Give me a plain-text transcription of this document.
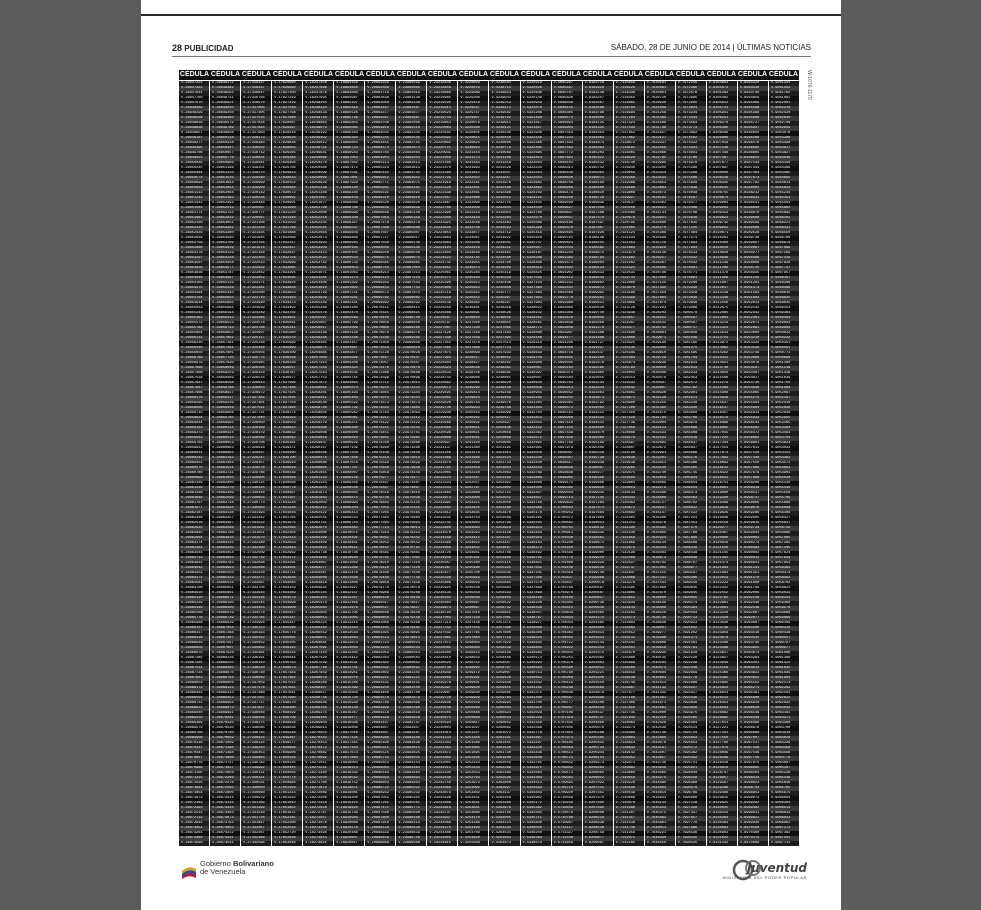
28 PUBLICIDAD	SÁBADO, 28 DE JUNIO DE 2014 | ÚLTIMAS NOTICIAS
CÉDULA CÉDULA CÉDULA CÉDULA CÉDULA CÉDULA CÉDULA CÉDULA CÉDULA CÉDULA CÉDULA CÉDULA CÉDULA CÉDULA CÉDULA CÉDULA CÉDULA CÉDULA CÉDULA CÉDULA
V-26847221
V-26847431
V-26847641
V-26847760
V-26847970
V-26848089
V-26848299
V-26848509
V-26848628
V-26848838
V-26848957
V-26849167
V-26849377
V-26849496
V-26849706
V-26849825
V-26850035
V-26850245
V-26850364
V-26850574
V-26850693
V-26850903
V-26851113
V-26851232
V-26851442
V-26851561
V-26851771
V-26851981
V-26852100
V-26852310
V-26852429
V-26852639
V-26852758
V-26852968
V-26853178
V-26853297
V-26853507
V-26853626
V-26853836
V-26854046
V-26854165
V-26854375
V-26854494
V-26854704
V-26854914
V-26855033
V-26855243
V-26855362
V-26855572
V-26855782
V-26855901
V-26856111
V-26856230
V-26856440
V-26856650
V-26856769
V-26856979
V-26857098
V-26857308
V-26857518
V-26857637
V-26857847
V-26857966
V-26858176
V-26858295
V-26858505
V-26858715
V-26858834
V-26859044
V-26859163
V-26859373
V-26859583
V-26859702
V-26859912
V-26860031
V-26860241
V-26860451
V-26860570
V-26860780
V-26860899
V-26861109
V-26861319
V-26861438
V-26861648
V-26861767
V-26861977
V-26862187
V-26862306
V-26862516
V-26862635
V-26862845
V-26862964
V-26863174
V-26863384
V-26863503
V-26863713
V-26863832
V-26864042
V-26864252
V-26864371
V-26864581
V-26864700
V-26864910
V-26865120
V-26865239
V-26865449
V-26865568
V-26865778
V-26865988
V-26866107
V-26866317
V-26866436
V-26866646
V-26866856
V-26866975
V-26867185
V-26867304
V-26867514
V-26867724
V-26867843
V-26868053
V-26868172
V-26868382
V-26868501
V-26868711
V-26868921
V-26869040
V-26869250
V-26869369
V-26869579
V-26869789
V-26869908
V-26870118
V-26870237
V-26870447
V-26870657
V-26870776
V-26870986
V-26871105
V-26871315
V-26871525
V-26871644
V-26871854
V-26871973
V-26872183
V-26872393
V-26872512
V-26872722
V-26872841
V-26873051
V-26873261
V-26873380
V-26873590
V-26848172
V-26848382
V-26848592
V-26848711
V-26848921
V-26849040
V-26849250
V-26849460
V-26849579
V-26849789
V-26849908
V-26850118
V-26850328
V-26850447
V-26850657
V-26850776
V-26850986
V-26851196
V-26851315
V-26851525
V-26851644
V-26851854
V-26852064
V-26852183
V-26852393
V-26852512
V-26852722
V-26852932
V-26853051
V-26853261
V-26853380
V-26853590
V-26853709
V-26853919
V-26854129
V-26854248
V-26854458
V-26854577
V-26854787
V-26854997
V-26855116
V-26855326
V-26855445
V-26855655
V-26855865
V-26855984
V-26856194
V-26856313
V-26856523
V-26856733
V-26856852
V-26857062
V-26857181
V-26857391
V-26857601
V-26857720
V-26857930
V-26858049
V-26858259
V-26858469
V-26858588
V-26858798
V-26858917
V-26859127
V-26859246
V-26859456
V-26859666
V-26859785
V-26859995
V-26860114
V-26860324
V-26860534
V-26860653
V-26860863
V-26860982
V-26861192
V-26861402
V-26861521
V-26861731
V-26861850
V-26862060
V-26862270
V-26862389
V-26862599
V-26862718
V-26862928
V-26863138
V-26863257
V-26863467
V-26863586
V-26863796
V-26863915
V-26864125
V-26864335
V-26864454
V-26864664
V-26864783
V-26864993
V-26865203
V-26865322
V-26865532
V-26865651
V-26865861
V-26866071
V-26866190
V-26866400
V-26866519
V-26866729
V-26866939
V-26867058
V-26867268
V-26867387
V-26867597
V-26867807
V-26867926
V-26868136
V-26868255
V-26868465
V-26868675
V-26868794
V-26869004
V-26869123
V-26869333
V-26869452
V-26869662
V-26869872
V-26869991
V-26870201
V-26870320
V-26870530
V-26870740
V-26870859
V-26871069
V-26871188
V-26871398
V-26871608
V-26871727
V-26871937
V-26872056
V-26872266
V-26872476
V-26872595
V-26872805
V-26872924
V-26873134
V-26873344
V-26873463
V-26873673
V-26873792
V-26874002
V-26874212
V-26874331
V-26874541
V-27316227
V-27316437
V-27316647
V-27316766
V-27316976
V-27317095
V-27317305
V-27317515
V-27317634
V-27317844
V-27317963
V-27318173
V-27318383
V-27318502
V-27318712
V-27318831
V-27319041
V-27319251
V-27319370
V-27319580
V-27319699
V-27319909
V-27320119
V-27320238
V-27320448
V-27320567
V-27320777
V-27320987
V-27321106
V-27321316
V-27321435
V-27321645
V-27321764
V-27321974
V-27322184
V-27322303
V-27322513
V-27322632
V-27322842
V-27323052
V-27323171
V-27323381
V-27323500
V-27323710
V-27323920
V-27324039
V-27324249
V-27324368
V-27324578
V-27324788
V-27324907
V-27325117
V-27325236
V-27325446
V-27325656
V-27325775
V-27325985
V-27326104
V-27326314
V-27326524
V-27326643
V-27326853
V-27326972
V-27327182
V-27327301
V-27327511
V-27327721
V-27327840
V-27328050
V-27328169
V-27328379
V-27328589
V-27328708
V-27328918
V-27329037
V-27329247
V-27329457
V-27329576
V-27329786
V-27329905
V-27330115
V-27330325
V-27330444
V-27330654
V-27330773
V-27330983
V-27331193
V-27331312
V-27331522
V-27331641
V-27331851
V-27331970
V-27332180
V-27332390
V-27332509
V-27332719
V-27332838
V-27333048
V-27333258
V-27333377
V-27333587
V-27333706
V-27333916
V-27334126
V-27334245
V-27334455
V-27334574
V-27334784
V-27334994
V-27335113
V-27335323
V-27335442
V-27335652
V-27335862
V-27335981
V-27336191
V-27336310
V-27336520
V-27336730
V-27336849
V-27337059
V-27337178
V-27337388
V-27337507
V-27337717
V-27337927
V-27338046
V-27338256
V-27338375
V-27338585
V-27338795
V-27338914
V-27339124
V-27339243
V-27339453
V-27339663
V-27339782
V-27339992
V-27340111
V-27340321
V-27340531
V-27340650
V-27340860
V-27340979
V-27341189
V-27341399
V-27341518
V-27341728
V-27341847
V-27342057
V-27342267
V-27342386
V-27342596
V-17626680
V-17626890
V-17627100
V-17627219
V-17627429
V-17627548
V-17627758
V-17627968
V-17628087
V-17628297
V-17628416
V-17628626
V-17628836
V-17628955
V-17629165
V-17629284
V-17629494
V-17629704
V-17629823
V-17630033
V-17630152
V-17630362
V-17630572
V-17630691
V-17630901
V-17631020
V-17631230
V-17631440
V-17631559
V-17631769
V-17631888
V-17632098
V-17632217
V-17632427
V-17632637
V-17632756
V-17632966
V-17633085
V-17633295
V-17633505
V-17633624
V-17633834
V-17633953
V-17634163
V-17634373
V-17634492
V-17634702
V-17634821
V-17635031
V-17635241
V-17635360
V-17635570
V-17635689
V-17635899
V-17636109
V-17636228
V-17636438
V-17636557
V-17636767
V-17636977
V-17637096
V-17637306
V-17637425
V-17637635
V-17637754
V-17637964
V-17638174
V-17638293
V-17638503
V-17638622
V-17638832
V-17639042
V-17639161
V-17639371
V-17639490
V-17639700
V-17639910
V-17640029
V-17640239
V-17640358
V-17640568
V-17640778
V-17640897
V-17641107
V-17641226
V-17641436
V-17641646
V-17641765
V-17641975
V-17642094
V-17642304
V-17642423
V-17642633
V-17642843
V-17642962
V-17643172
V-17643291
V-17643501
V-17643711
V-17643830
V-17644040
V-17644159
V-17644369
V-17644579
V-17644698
V-17644908
V-17645027
V-17645237
V-17645447
V-17645566
V-17645776
V-17645895
V-17646105
V-17646315
V-17646434
V-17646644
V-17646763
V-17646973
V-17647183
V-17647302
V-17647512
V-17647631
V-17647841
V-17647960
V-17648170
V-17648380
V-17648499
V-17648709
V-17648828
V-17649038
V-17649248
V-17649367
V-17649577
V-17649696
V-17649906
V-17650116
V-17650235
V-17650445
V-17650564
V-17650774
V-17650984
V-17651103
V-17651313
V-17651432
V-17651642
V-17651852
V-17651971
V-17652181
V-17652300
V-17652510
V-17652720
V-17652839
V-17653049
V-18247456
V-18247666
V-18247876
V-18247995
V-18248205
V-18248324
V-18248534
V-18248744
V-18248863
V-18249073
V-18249192
V-18249402
V-18249612
V-18249731
V-18249941
V-18250060
V-18250270
V-18250480
V-18250599
V-18250809
V-18250928
V-18251138
V-18251348
V-18251467
V-18251677
V-18251796
V-18252006
V-18252216
V-18252335
V-18252545
V-18252664
V-18252874
V-18252993
V-18253203
V-18253413
V-18253532
V-18253742
V-18253861
V-18254071
V-18254281
V-18254400
V-18254610
V-18254729
V-18254939
V-18255149
V-18255268
V-18255478
V-18255597
V-18255807
V-18256017
V-18256136
V-18256346
V-18256465
V-18256675
V-18256885
V-18257004
V-18257214
V-18257333
V-18257543
V-18257753
V-18257872
V-18258082
V-18258201
V-18258411
V-18258530
V-18258740
V-18258950
V-18259069
V-18259279
V-18259398
V-18259608
V-18259818
V-18259937
V-18260147
V-18260266
V-18260476
V-18260686
V-18260805
V-18261015
V-18261134
V-18261344
V-18261554
V-18261673
V-18261883
V-18262002
V-18262212
V-18262422
V-18262541
V-18262751
V-18262870
V-18263080
V-18263199
V-18263409
V-18263619
V-18263738
V-18263948
V-18264067
V-18264277
V-18264487
V-18264606
V-18264816
V-18264935
V-18265145
V-18265355
V-18265474
V-18265684
V-18265803
V-18266013
V-18266223
V-18266342
V-18266552
V-18266671
V-18266881
V-18267091
V-18267210
V-18267420
V-18267539
V-18267749
V-18267959
V-18268078
V-18268288
V-18268407
V-18268617
V-18268736
V-18268946
V-18269156
V-18269275
V-18269485
V-18269604
V-18269814
V-18270024
V-18270143
V-18270353
V-18270472
V-18270682
V-18270892
V-18271011
V-18271221
V-18271340
V-18271550
V-18271760
V-18271879
V-18272089
V-18272208
V-18272418
V-18272628
V-18272747
V-18272957
V-18273076
V-18273286
V-18273496
V-18273615
V-18273825
V-18894448
V-18894658
V-18894868
V-18894987
V-18895197
V-18895316
V-18895526
V-18895736
V-18895855
V-18896065
V-18896184
V-18896394
V-18896604
V-18896723
V-18896933
V-18897052
V-18897262
V-18897472
V-18897591
V-18897801
V-18897920
V-18898130
V-18898340
V-18898459
V-18898669
V-18898788
V-18898998
V-18899208
V-18899327
V-18899537
V-18899656
V-18899866
V-18899985
V-18900195
V-18900405
V-18900524
V-18900734
V-18900853
V-18901063
V-18901273
V-18901392
V-18901602
V-18901721
V-18901931
V-18902141
V-18902260
V-18902470
V-18902589
V-18902799
V-18903009
V-18903128
V-18903338
V-18903457
V-18903667
V-18903877
V-18903996
V-18904206
V-18904325
V-18904535
V-18904745
V-18904864
V-18905074
V-18905193
V-18905403
V-18905522
V-18905732
V-18905942
V-18906061
V-18906271
V-18906390
V-18906600
V-18906810
V-18906929
V-18907139
V-18907258
V-18907468
V-18907678
V-18907797
V-18908007
V-18908126
V-18908336
V-18908546
V-18908665
V-18908875
V-18908994
V-18909204
V-18909414
V-18909533
V-18909743
V-18909862
V-18910072
V-18910191
V-18910401
V-18910611
V-18910730
V-18910940
V-18911059
V-18911269
V-18911479
V-18911598
V-18911808
V-18911927
V-18912137
V-18912347
V-18912466
V-18912676
V-18912795
V-18913005
V-18913215
V-18913334
V-18913544
V-18913663
V-18913873
V-18914083
V-18914202
V-18914412
V-18914531
V-18914741
V-18914951
V-18915070
V-18915280
V-18915399
V-18915609
V-18915728
V-18915938
V-18916148
V-18916267
V-18916477
V-18916596
V-18916806
V-18917016
V-18917135
V-18917345
V-18917464
V-18917674
V-18917884
V-18918003
V-18918213
V-18918332
V-18918542
V-18918752
V-18918871
V-18919081
V-18919200
V-18919410
V-18919620
V-18919739
V-18919949
V-18920068
V-18920278
V-18920488
V-18920607
V-18920817
V-20862299
V-20862509
V-20862719
V-20862838
V-20863048
V-20863167
V-20863377
V-20863587
V-20863706
V-20863916
V-20864035
V-20864245
V-20864455
V-20864574
V-20864784
V-20864903
V-20865113
V-20865323
V-20865442
V-20865652
V-20865771
V-20865981
V-20866191
V-20866310
V-20866520
V-20866639
V-20866849
V-20867059
V-20867178
V-20867388
V-20867507
V-20867717
V-20867836
V-20868046
V-20868256
V-20868375
V-20868585
V-20868704
V-20868914
V-20869124
V-20869243
V-20869453
V-20869572
V-20869782
V-20869992
V-20870111
V-20870321
V-20870440
V-20870650
V-20870860
V-20870979
V-20871189
V-20871308
V-20871518
V-20871728
V-20871847
V-20872057
V-20872176
V-20872386
V-20872596
V-20872715
V-20872925
V-20873044
V-20873254
V-20873373
V-20873583
V-20873793
V-20873912
V-20874122
V-20874241
V-20874451
V-20874661
V-20874780
V-20874990
V-20875109
V-20875319
V-20875529
V-20875648
V-20875858
V-20875977
V-20876187
V-20876397
V-20876516
V-20876726
V-20876845
V-20877055
V-20877265
V-20877384
V-20877594
V-20877713
V-20877923
V-20878042
V-20878252
V-20878462
V-20878581
V-20878791
V-20878910
V-20879120
V-20879330
V-20879449
V-20879659
V-20879778
V-20879988
V-20880198
V-20880317
V-20880527
V-20880646
V-20880856
V-20881066
V-20881185
V-20881395
V-20881514
V-20881724
V-20881934
V-20882053
V-20882263
V-20882382
V-20882592
V-20882802
V-20882921
V-20883131
V-20883250
V-20883460
V-20883579
V-20883789
V-20883999
V-20884118
V-20884328
V-20884447
V-20884657
V-20884867
V-20884986
V-20885196
V-20885315
V-20885525
V-20885735
V-20885854
V-20886064
V-20886183
V-20886393
V-20886603
V-20886722
V-20886932
V-20887051
V-20887261
V-20887471
V-20887590
V-20887800
V-20887919
V-20888129
V-20888339
V-20888458
V-20888668
V-23960599
V-23960809
V-23961019
V-23961138
V-23961348
V-23961467
V-23961677
V-23961887
V-23962006
V-23962216
V-23962335
V-23962545
V-23962755
V-23962874
V-23963084
V-23963203
V-23963413
V-23963623
V-23963742
V-23963952
V-23964071
V-23964281
V-23964491
V-23964610
V-23964820
V-23964939
V-23965149
V-23965359
V-23965478
V-23965688
V-23965807
V-23966017
V-23966136
V-23966346
V-23966556
V-23966675
V-23966885
V-23967004
V-23967214
V-23967424
V-23967543
V-23967753
V-23967872
V-23968082
V-23968292
V-23968411
V-23968621
V-23968740
V-23968950
V-23969160
V-23969279
V-23969489
V-23969608
V-23969818
V-23970028
V-23970147
V-23970357
V-23970476
V-23970686
V-23970896
V-23971015
V-23971225
V-23971344
V-23971554
V-23971673
V-23971883
V-23972093
V-23972212
V-23972422
V-23972541
V-23972751
V-23972961
V-23973080
V-23973290
V-23973409
V-23973619
V-23973829
V-23973948
V-23974158
V-23974277
V-23974487
V-23974697
V-23974816
V-23975026
V-23975145
V-23975355
V-23975565
V-23975684
V-23975894
V-23976013
V-23976223
V-23976342
V-23976552
V-23976762
V-23976881
V-23977091
V-23977210
V-23977420
V-23977630
V-23977749
V-23977959
V-23978078
V-23978288
V-23978498
V-23978617
V-23978827
V-23978946
V-23979156
V-23979366
V-23979485
V-23979695
V-23979814
V-23980024
V-23980234
V-23980353
V-23980563
V-23980682
V-23980892
V-23981102
V-23981221
V-23981431
V-23981550
V-23981760
V-23981879
V-23982089
V-23982299
V-23982418
V-23982628
V-23982747
V-23982957
V-23983167
V-23983286
V-23983496
V-23983615
V-23983825
V-23984035
V-23984154
V-23984364
V-23984483
V-23984693
V-23984903
V-23985022
V-23985232
V-23985351
V-23985561
V-23985771
V-23985890
V-23986100
V-23986219
V-23986429
V-23986639
V-23986758
V-23986968
V-24218446
V-24218656
V-24218866
V-24218985
V-24219195
V-24219314
V-24219524
V-24219734
V-24219853
V-24220063
V-24220182
V-24220392
V-24220602
V-24220721
V-24220931
V-24221050
V-24221260
V-24221470
V-24221589
V-24221799
V-24221918
V-24222128
V-24222338
V-24222457
V-24222667
V-24222786
V-24222996
V-24223206
V-24223325
V-24223535
V-24223654
V-24223864
V-24223983
V-24224193
V-24224403
V-24224522
V-24224732
V-24224851
V-24225061
V-24225271
V-24225390
V-24225600
V-24225719
V-24225929
V-24226139
V-24226258
V-24226468
V-24226587
V-24226797
V-24227007
V-24227126
V-24227336
V-24227455
V-24227665
V-24227875
V-24227994
V-24228204
V-24228323
V-24228533
V-24228743
V-24228862
V-24229072
V-24229191
V-24229401
V-24229520
V-24229730
V-24229940
V-24230059
V-24230269
V-24230388
V-24230598
V-24230808
V-24230927
V-24231137
V-24231256
V-24231466
V-24231676
V-24231795
V-24232005
V-24232124
V-24232334
V-24232544
V-24232663
V-24232873
V-24232992
V-24233202
V-24233412
V-24233531
V-24233741
V-24233860
V-24234070
V-24234189
V-24234399
V-24234609
V-24234728
V-24234938
V-24235057
V-24235267
V-24235477
V-24235596
V-24235806
V-24235925
V-24236135
V-24236345
V-24236464
V-24236674
V-24236793
V-24237003
V-24237213
V-24237332
V-24237542
V-24237661
V-24237871
V-24238081
V-24238200
V-24238410
V-24238529
V-24238739
V-24238949
V-24239068
V-24239278
V-24239397
V-24239607
V-24239726
V-24239936
V-24240146
V-24240265
V-24240475
V-24240594
V-24240804
V-24241014
V-24241133
V-24241343
V-24241462
V-24241672
V-24241882
V-24242001
V-24242211
V-24242330
V-24242540
V-24242750
V-24242869
V-24243079
V-24243198
V-24243408
V-24243618
V-24243737
V-24243947
V-24244066
V-24244276
V-24244486
V-24244605
V-24244815
V-4228669
V-4228879
V-4229089
V-4229208
V-4229418
V-4229537
V-4229747
V-4229957
V-4230076
V-4230286
V-4230405
V-4230615
V-4230825
V-4230944
V-4231154
V-4231273
V-4231483
V-4231693
V-4231812
V-4232022
V-4232141
V-4232351
V-4232561
V-4232680
V-4232890
V-4233009
V-4233219
V-4233429
V-4233548
V-4233758
V-4233877
V-4234087
V-4234206
V-4234416
V-4234626
V-4234745
V-4234955
V-4235074
V-4235284
V-4235494
V-4235613
V-4235823
V-4235942
V-4236152
V-4236362
V-4236481
V-4236691
V-4236810
V-4237020
V-4237230
V-4237349
V-4237559
V-4237678
V-4237888
V-4238098
V-4238217
V-4238427
V-4238546
V-4238756
V-4238966
V-4239085
V-4239295
V-4239414
V-4239624
V-4239743
V-4239953
V-4240163
V-4240282
V-4240492
V-4240611
V-4240821
V-4241031
V-4241150
V-4241360
V-4241479
V-4241689
V-4241899
V-4242018
V-4242228
V-4242347
V-4242557
V-4242767
V-4242886
V-4243096
V-4243215
V-4243425
V-4243635
V-4243754
V-4243964
V-4244083
V-4244293
V-4244412
V-4244622
V-4244832
V-4244951
V-4245161
V-4245280
V-4245490
V-4245700
V-4245819
V-4246029
V-4246148
V-4246358
V-4246568
V-4246687
V-4246897
V-4247016
V-4247226
V-4247436
V-4247555
V-4247765
V-4247884
V-4248094
V-4248304
V-4248423
V-4248633
V-4248752
V-4248962
V-4249172
V-4249291
V-4249501
V-4249620
V-4249830
V-4249949
V-4250159
V-4250369
V-4250488
V-4250698
V-4250817
V-4251027
V-4251237
V-4251356
V-4251566
V-4251685
V-4251895
V-4252105
V-4252224
V-4252434
V-4252553
V-4252763
V-4252973
V-4253092
V-4253302
V-4253421
V-4253631
V-4253841
V-4253960
V-4254170
V-4254289
V-4254499
V-4254709
V-4254828
V-4255038
V-4238504
V-4238714
V-4238924
V-4239043
V-4239253
V-4239372
V-4239582
V-4239792
V-4239911
V-4240121
V-4240240
V-4240450
V-4240660
V-4240779
V-4240989
V-4241108
V-4241318
V-4241528
V-4241647
V-4241857
V-4241976
V-4242186
V-4242396
V-4242515
V-4242725
V-4242844
V-4243054
V-4243264
V-4243383
V-4243593
V-4243712
V-4243922
V-4244041
V-4244251
V-4244461
V-4244580
V-4244790
V-4244909
V-4245119
V-4245329
V-4245448
V-4245658
V-4245777
V-4245987
V-4246197
V-4246316
V-4246526
V-4246645
V-4246855
V-4247065
V-4247184
V-4247394
V-4247513
V-4247723
V-4247933
V-4248052
V-4248262
V-4248381
V-4248591
V-4248801
V-4248920
V-4249130
V-4249249
V-4249459
V-4249578
V-4249788
V-4249998
V-4250117
V-4250327
V-4250446
V-4250656
V-4250866
V-4250985
V-4251195
V-4251314
V-4251524
V-4251734
V-4251853
V-4252063
V-4252182
V-4252392
V-4252602
V-4252721
V-4252931
V-4253050
V-4253260
V-4253470
V-4253589
V-4253799
V-4253918
V-4254128
V-4254247
V-4254457
V-4254667
V-4254786
V-4254996
V-4255115
V-4255325
V-4255535
V-4255654
V-4255864
V-4255983
V-4256193
V-4256403
V-4256522
V-4256732
V-4256851
V-4257061
V-4257271
V-4257390
V-4257600
V-4257719
V-4257929
V-4258139
V-4258258
V-4258468
V-4258587
V-4258797
V-4259007
V-4259126
V-4259336
V-4259455
V-4259665
V-4259784
V-4259994
V-4260204
V-4260323
V-4260533
V-4260652
V-4260862
V-4261072
V-4261191
V-4261401
V-4261520
V-4261730
V-4261940
V-4262059
V-4262269
V-4262388
V-4262598
V-4262808
V-4262927
V-4263137
V-4263256
V-4263466
V-4263676
V-4263795
V-4264005
V-4264124
V-4264334
V-4264544
V-4264663
V-4264873
V-5320210
V-5320420
V-5320630
V-5320749
V-5320959
V-5321078
V-5321288
V-5321498
V-5321617
V-5321827
V-5321946
V-5322156
V-5322366
V-5322485
V-5322695
V-5322814
V-5323024
V-5323234
V-5323353
V-5323563
V-5323682
V-5323892
V-5324102
V-5324221
V-5324431
V-5324550
V-5324760
V-5324970
V-5325089
V-5325299
V-5325418
V-5325628
V-5325747
V-5325957
V-5326167
V-5326286
V-5326496
V-5326615
V-5326825
V-5327035
V-5327154
V-5327364
V-5327483
V-5327693
V-5327903
V-5328022
V-5328232
V-5328351
V-5328561
V-5328771
V-5328890
V-5329100
V-5329219
V-5329429
V-5329639
V-5329758
V-5329968
V-5330087
V-5330297
V-5330507
V-5330626
V-5330836
V-5330955
V-5331165
V-5331284
V-5331494
V-5331704
V-5331823
V-5332033
V-5332152
V-5332362
V-5332572
V-5332691
V-5332901
V-5333020
V-5333230
V-5333440
V-5333559
V-5333769
V-5333888
V-5334098
V-5334308
V-5334427
V-5334637
V-5334756
V-5334966
V-5335176
V-5335295
V-5335505
V-5335624
V-5335834
V-5335953
V-5336163
V-5336373
V-5336492
V-5336702
V-5336821
V-5337031
V-5337241
V-5337360
V-5337570
V-5337689
V-5337899
V-5338109
V-5338228
V-5338438
V-5338557
V-5338767
V-5338977
V-5339096
V-5339306
V-5339425
V-5339635
V-5339845
V-5339964
V-5340174
V-5340293
V-5340503
V-5340713
V-5340832
V-5341042
V-5341161
V-5341371
V-5341490
V-5341700
V-5341910
V-5342029
V-5342239
V-5342358
V-5342568
V-5342778
V-5342897
V-5343107
V-5343226
V-5343436
V-5343646
V-5343765
V-5343975
V-5344094
V-5344304
V-5344514
V-5344633
V-5344843
V-5344962
V-5345172
V-5345382
V-5345501
V-5345711
V-5345830
V-5346040
V-5346250
V-5346369
V-5346579
V-5685287
V-5685497
V-5685707
V-5685826
V-5686036
V-5686155
V-5686365
V-5686575
V-5686694
V-5686904
V-5687023
V-5687233
V-5687443
V-5687562
V-5687772
V-5687891
V-5688101
V-5688311
V-5688430
V-5688640
V-5688759
V-5688969
V-5689179
V-5689298
V-5689508
V-5689627
V-5689837
V-5690047
V-5690166
V-5690376
V-5690495
V-5690705
V-5690824
V-5691034
V-5691244
V-5691363
V-5691573
V-5691692
V-5691902
V-5692112
V-5692231
V-5692441
V-5692560
V-5692770
V-5692980
V-5693099
V-5693309
V-5693428
V-5693638
V-5693848
V-5693967
V-5694177
V-5694296
V-5694506
V-5694716
V-5694835
V-5695045
V-5695164
V-5695374
V-5695584
V-5695703
V-5695913
V-5696032
V-5696242
V-5696361
V-5696571
V-5696781
V-5696900
V-5697110
V-5697229
V-5697439
V-5697649
V-5697768
V-5697978
V-5698097
V-5698307
V-5698517
V-5698636
V-5698846
V-5698965
V-5699175
V-5699385
V-5699504
V-5699714
V-5699833
V-5700043
V-5700253
V-5700372
V-5700582
V-5700701
V-5700911
V-5701030
V-5701240
V-5701450
V-5701569
V-5701779
V-5701898
V-5702108
V-5702318
V-5702437
V-5702647
V-5702766
V-5702976
V-5703186
V-5703305
V-5703515
V-5703634
V-5703844
V-5704054
V-5704173
V-5704383
V-5704502
V-5704712
V-5704922
V-5705041
V-5705251
V-5705370
V-5705580
V-5705790
V-5705909
V-5706119
V-5706238
V-5706448
V-5706567
V-5706777
V-5706987
V-5707106
V-5707316
V-5707435
V-5707645
V-5707855
V-5707974
V-5708184
V-5708303
V-5708513
V-5708723
V-5708842
V-5709052
V-5709171
V-5709381
V-5709591
V-5709710
V-5709920
V-5710039
V-5710249
V-5710459
V-5710578
V-5710788
V-5710907
V-5711117
V-5711327
V-5711446
V-5711656
V-6182718
V-6182928
V-6183138
V-6183257
V-6183467
V-6183586
V-6183796
V-6184006
V-6184125
V-6184335
V-6184454
V-6184664
V-6184874
V-6184993
V-6185203
V-6185322
V-6185532
V-6185742
V-6185861
V-6186071
V-6186190
V-6186400
V-6186610
V-6186729
V-6186939
V-6187058
V-6187268
V-6187478
V-6187597
V-6187807
V-6187926
V-6188136
V-6188255
V-6188465
V-6188675
V-6188794
V-6189004
V-6189123
V-6189333
V-6189543
V-6189662
V-6189872
V-6189991
V-6190201
V-6190411
V-6190530
V-6190740
V-6190859
V-6191069
V-6191279
V-6191398
V-6191608
V-6191727
V-6191937
V-6192147
V-6192266
V-6192476
V-6192595
V-6192805
V-6193015
V-6193134
V-6193344
V-6193463
V-6193673
V-6193792
V-6194002
V-6194212
V-6194331
V-6194541
V-6194660
V-6194870
V-6195080
V-6195199
V-6195409
V-6195528
V-6195738
V-6195948
V-6196067
V-6196277
V-6196396
V-6196606
V-6196816
V-6196935
V-6197145
V-6197264
V-6197474
V-6197684
V-6197803
V-6198013
V-6198132
V-6198342
V-6198461
V-6198671
V-6198881
V-6199000
V-6199210
V-6199329
V-6199539
V-6199749
V-6199868
V-6200078
V-6200197
V-6200407
V-6200617
V-6200736
V-6200946
V-6201065
V-6201275
V-6201485
V-6201604
V-6201814
V-6201933
V-6202143
V-6202353
V-6202472
V-6202682
V-6202801
V-6203011
V-6203221
V-6203340
V-6203550
V-6203669
V-6203879
V-6203998
V-6204208
V-6204418
V-6204537
V-6204747
V-6204866
V-6205076
V-6205286
V-6205405
V-6205615
V-6205734
V-6205944
V-6206154
V-6206273
V-6206483
V-6206602
V-6206812
V-6207022
V-6207141
V-6207351
V-6207470
V-6207680
V-6207890
V-6208009
V-6208219
V-6208338
V-6208548
V-6208758
V-6208877
V-6209087
V-7115916
V-7116126
V-7116336
V-7116455
V-7116665
V-7116784
V-7116994
V-7117204
V-7117323
V-7117533
V-7117652
V-7117862
V-7118072
V-7118191
V-7118401
V-7118520
V-7118730
V-7118940
V-7119059
V-7119269
V-7119388
V-7119598
V-7119808
V-7119927
V-7120137
V-7120256
V-7120466
V-7120676
V-7120795
V-7121005
V-7121124
V-7121334
V-7121453
V-7121663
V-7121873
V-7121992
V-7122202
V-7122321
V-7122531
V-7122741
V-7122860
V-7123070
V-7123189
V-7123399
V-7123609
V-7123728
V-7123938
V-7124057
V-7124267
V-7124477
V-7124596
V-7124806
V-7124925
V-7125135
V-7125345
V-7125464
V-7125674
V-7125793
V-7126003
V-7126213
V-7126332
V-7126542
V-7126661
V-7126871
V-7126990
V-7127200
V-7127410
V-7127529
V-7127739
V-7127858
V-7128068
V-7128278
V-7128397
V-7128607
V-7128726
V-7128936
V-7129146
V-7129265
V-7129475
V-7129594
V-7129804
V-7130014
V-7130133
V-7130343
V-7130462
V-7130672
V-7130882
V-7131001
V-7131211
V-7131330
V-7131540
V-7131659
V-7131869
V-7132079
V-7132198
V-7132408
V-7132527
V-7132737
V-7132947
V-7133066
V-7133276
V-7133395
V-7133605
V-7133815
V-7133934
V-7134144
V-7134263
V-7134473
V-7134683
V-7134802
V-7135012
V-7135131
V-7135341
V-7135551
V-7135670
V-7135880
V-7135999
V-7136209
V-7136419
V-7136538
V-7136748
V-7136867
V-7137077
V-7137196
V-7137406
V-7137616
V-7137735
V-7137945
V-7138064
V-7138274
V-7138484
V-7138603
V-7138813
V-7138932
V-7139142
V-7139352
V-7139471
V-7139681
V-7139800
V-7140010
V-7140220
V-7140339
V-7140549
V-7140668
V-7140878
V-7141088
V-7141207
V-7141417
V-7141536
V-7141746
V-7141956
V-7142075
V-7142285
V-7620181
V-7620391
V-7620601
V-7620720
V-7620930
V-7621049
V-7621259
V-7621469
V-7621588
V-7621798
V-7621917
V-7622127
V-7622337
V-7622456
V-7622666
V-7622785
V-7622995
V-7623205
V-7623324
V-7623534
V-7623653
V-7623863
V-7624073
V-7624192
V-7624402
V-7624521
V-7624731
V-7624941
V-7625060
V-7625270
V-7625389
V-7625599
V-7625718
V-7625928
V-7626138
V-7626257
V-7626467
V-7626586
V-7626796
V-7627006
V-7627125
V-7627335
V-7627454
V-7627664
V-7627874
V-7627993
V-7628203
V-7628322
V-7628532
V-7628742
V-7628861
V-7629071
V-7629190
V-7629400
V-7629610
V-7629729
V-7629939
V-7630058
V-7630268
V-7630478
V-7630597
V-7630807
V-7630926
V-7631136
V-7631255
V-7631465
V-7631675
V-7631794
V-7632004
V-7632123
V-7632333
V-7632543
V-7632662
V-7632872
V-7632991
V-7633201
V-7633411
V-7633530
V-7633740
V-7633859
V-7634069
V-7634279
V-7634398
V-7634608
V-7634727
V-7634937
V-7635147
V-7635266
V-7635476
V-7635595
V-7635805
V-7635924
V-7636134
V-7636344
V-7636463
V-7636673
V-7636792
V-7637002
V-7637212
V-7637331
V-7637541
V-7637660
V-7637870
V-7638080
V-7638199
V-7638409
V-7638528
V-7638738
V-7638948
V-7639067
V-7639277
V-7639396
V-7639606
V-7639816
V-7639935
V-7640145
V-7640264
V-7640474
V-7640684
V-7640803
V-7641013
V-7641132
V-7641342
V-7641461
V-7641671
V-7641881
V-7642000
V-7642210
V-7642329
V-7642539
V-7642749
V-7642868
V-7643078
V-7643197
V-7643407
V-7643617
V-7643736
V-7643946
V-7644065
V-7644275
V-7644485
V-7644604
V-7644814
V-7644933
V-7645143
V-7645353
V-7645472
V-7645682
V-7645801
V-7646011
V-7646221
V-7646340
V-7646550
V-7972156
V-7972366
V-7972576
V-7972695
V-7972905
V-7973024
V-7973234
V-7973444
V-7973563
V-7973773
V-7973892
V-7974102
V-7974312
V-7974431
V-7974641
V-7974760
V-7974970
V-7975180
V-7975299
V-7975509
V-7975628
V-7975838
V-7976048
V-7976167
V-7976377
V-7976496
V-7976706
V-7976916
V-7977035
V-7977245
V-7977364
V-7977574
V-7977693
V-7977903
V-7978113
V-7978232
V-7978442
V-7978561
V-7978771
V-7978981
V-7979100
V-7979310
V-7979429
V-7979639
V-7979849
V-7979968
V-7980178
V-7980297
V-7980507
V-7980717
V-7980836
V-7981046
V-7981165
V-7981375
V-7981585
V-7981704
V-7981914
V-7982033
V-7982243
V-7982453
V-7982572
V-7982782
V-7982901
V-7983111
V-7983230
V-7983440
V-7983650
V-7983769
V-7983979
V-7984098
V-7984308
V-7984518
V-7984637
V-7984847
V-7984966
V-7985176
V-7985386
V-7985505
V-7985715
V-7985834
V-7986044
V-7986254
V-7986373
V-7986583
V-7986702
V-7986912
V-7987122
V-7987241
V-7987451
V-7987570
V-7987780
V-7987899
V-7988109
V-7988319
V-7988438
V-7988648
V-7988767
V-7988977
V-7989187
V-7989306
V-7989516
V-7989635
V-7989845
V-7990055
V-7990174
V-7990384
V-7990503
V-7990713
V-7990923
V-7991042
V-7991252
V-7991371
V-7991581
V-7991791
V-7991910
V-7992120
V-7992239
V-7992449
V-7992659
V-7992778
V-7992988
V-7993107
V-7993317
V-7993436
V-7993646
V-7993856
V-7993975
V-7994185
V-7994304
V-7994514
V-7994724
V-7994843
V-7995053
V-7995172
V-7995382
V-7995592
V-7995711
V-7995921
V-7996040
V-7996250
V-7996460
V-7996579
V-7996789
V-7996908
V-7997118
V-7997328
V-7997447
V-7997657
V-7997776
V-7997986
V-7998196
V-7998315
V-7998525
V-8104863
V-8105073
V-8105283
V-8105402
V-8105612
V-8105731
V-8105941
V-8106151
V-8106270
V-8106480
V-8106599
V-8106809
V-8107019
V-8107138
V-8107348
V-8107467
V-8107677
V-8107887
V-8108006
V-8108216
V-8108335
V-8108545
V-8108755
V-8108874
V-8109084
V-8109203
V-8109413
V-8109623
V-8109742
V-8109952
V-8110071
V-8110281
V-8110400
V-8110610
V-8110820
V-8110939
V-8111149
V-8111268
V-8111478
V-8111688
V-8111807
V-8112017
V-8112136
V-8112346
V-8112556
V-8112675
V-8112885
V-8113004
V-8113214
V-8113424
V-8113543
V-8113753
V-8113872
V-8114082
V-8114292
V-8114411
V-8114621
V-8114740
V-8114950
V-8115160
V-8115279
V-8115489
V-8115608
V-8115818
V-8115937
V-8116147
V-8116357
V-8116476
V-8116686
V-8116805
V-8117015
V-8117225
V-8117344
V-8117554
V-8117673
V-8117883
V-8118093
V-8118212
V-8118422
V-8118541
V-8118751
V-8118961
V-8119080
V-8119290
V-8119409
V-8119619
V-8119829
V-8119948
V-8120158
V-8120277
V-8120487
V-8120606
V-8120816
V-8121026
V-8121145
V-8121355
V-8121474
V-8121684
V-8121894
V-8122013
V-8122223
V-8122342
V-8122552
V-8122762
V-8122881
V-8123091
V-8123210
V-8123420
V-8123630
V-8123749
V-8123959
V-8124078
V-8124288
V-8124498
V-8124617
V-8124827
V-8124946
V-8125156
V-8125366
V-8125485
V-8125695
V-8125814
V-8126024
V-8126143
V-8126353
V-8126563
V-8126682
V-8126892
V-8127011
V-8127221
V-8127431
V-8127550
V-8127760
V-8127879
V-8128089
V-8128299
V-8128418
V-8128628
V-8128747
V-8128957
V-8129167
V-8129286
V-8129496
V-8129615
V-8129825
V-8130035
V-8130154
V-8130364
V-8130483
V-8130693
V-8130903
V-8131022
V-8131232
V-8944320
V-8944530
V-8944740
V-8944859
V-8945069
V-8945188
V-8945398
V-8945608
V-8945727
V-8945937
V-8946056
V-8946266
V-8946476
V-8946595
V-8946805
V-8946924
V-8947134
V-8947344
V-8947463
V-8947673
V-8947792
V-8948002
V-8948212
V-8948331
V-8948541
V-8948660
V-8948870
V-8949080
V-8949199
V-8949409
V-8949528
V-8949738
V-8949857
V-8950067
V-8950277
V-8950396
V-8950606
V-8950725
V-8950935
V-8951145
V-8951264
V-8951474
V-8951593
V-8951803
V-8952013
V-8952132
V-8952342
V-8952461
V-8952671
V-8952881
V-8953000
V-8953210
V-8953329
V-8953539
V-8953749
V-8953868
V-8954078
V-8954197
V-8954407
V-8954617
V-8954736
V-8954946
V-8955065
V-8955275
V-8955394
V-8955604
V-8955814
V-8955933
V-8956143
V-8956262
V-8956472
V-8956682
V-8956801
V-8957011
V-8957130
V-8957340
V-8957550
V-8957669
V-8957879
V-8957998
V-8958208
V-8958418
V-8958537
V-8958747
V-8958866
V-8959076
V-8959286
V-8959405
V-8959615
V-8959734
V-8959944
V-8960063
V-8960273
V-8960483
V-8960602
V-8960812
V-8960931
V-8961141
V-8961351
V-8961470
V-8961680
V-8961799
V-8962009
V-8962219
V-8962338
V-8962548
V-8962667
V-8962877
V-8963087
V-8963206
V-8963416
V-8963535
V-8963745
V-8963955
V-8964074
V-8964284
V-8964403
V-8964613
V-8964823
V-8964942
V-8965152
V-8965271
V-8965481
V-8965600
V-8965810
V-8966020
V-8966139
V-8966349
V-8966468
V-8966678
V-8966888
V-8967007
V-8967217
V-8967336
V-8967546
V-8967756
V-8967875
V-8968085
V-8968204
V-8968414
V-8968624
V-8968743
V-8968953
V-8969072
V-8969282
V-8969492
V-8969611
V-8969821
V-8969940
V-8970150
V-8970360
V-8970479
V-8970689
V-9041342
V-9041552
V-9041762
V-9041881
V-9042091
V-9042210
V-9042420
V-9042630
V-9042749
V-9042959
V-9043078
V-9043288
V-9043498
V-9043617
V-9043827
V-9043946
V-9044156
V-9044366
V-9044485
V-9044695
V-9044814
V-9045024
V-9045234
V-9045353
V-9045563
V-9045682
V-9045892
V-9046102
V-9046221
V-9046431
V-9046550
V-9046760
V-9046879
V-9047089
V-9047299
V-9047418
V-9047628
V-9047747
V-9047957
V-9048167
V-9048286
V-9048496
V-9048615
V-9048825
V-9049035
V-9049154
V-9049364
V-9049483
V-9049693
V-9049903
V-9050022
V-9050232
V-9050351
V-9050561
V-9050771
V-9050890
V-9051100
V-9051219
V-9051429
V-9051639
V-9051758
V-9051968
V-9052087
V-9052297
V-9052416
V-9052626
V-9052836
V-9052955
V-9053165
V-9053284
V-9053494
V-9053704
V-9053823
V-9054033
V-9054152
V-9054362
V-9054572
V-9054691
V-9054901
V-9055020
V-9055230
V-9055440
V-9055559
V-9055769
V-9055888
V-9056098
V-9056308
V-9056427
V-9056637
V-9056756
V-9056966
V-9057085
V-9057295
V-9057505
V-9057624
V-9057834
V-9057953
V-9058163
V-9058373
V-9058492
V-9058702
V-9058821
V-9059031
V-9059241
V-9059360
V-9059570
V-9059689
V-9059899
V-9060109
V-9060228
V-9060438
V-9060557
V-9060767
V-9060977
V-9061096
V-9061306
V-9061425
V-9061635
V-9061845
V-9061964
V-9062174
V-9062293
V-9062503
V-9062622
V-9062832
V-9063042
V-9063161
V-9063371
V-9063490
V-9063700
V-9063910
V-9064029
V-9064239
V-9064358
V-9064568
V-9064778
V-9064897
V-9065107
V-9065226
V-9065436
V-9065646
V-9065765
V-9065975
V-9066094
V-9066304
V-9066514
V-9066633
V-9066843
V-9066962
V-9067172
V-9067382
V-9067501
V-9067711
W-1076-1170
Gobierno Bolivariano
de Venezuela	juventud
MINISTERIO DEL PODER POPULAR
